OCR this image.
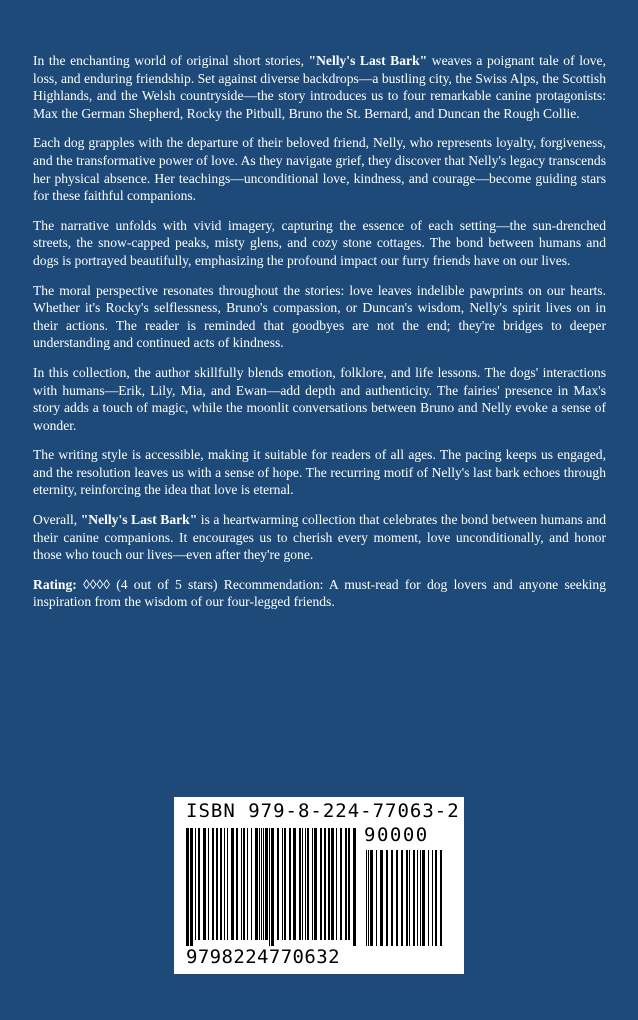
In the enchanting world of original short stories, "Nelly's Last Bark" weaves a poignant tale of love, loss, and enduring friendship. Set against diverse backdrops—a bustling city, the Swiss Alps, the Scottish Highlands, and the Welsh countryside—the story introduces us to four remarkable canine protagonists: Max the German Shepherd, Rocky the Pitbull, Bruno the St. Bernard, and Duncan the Rough Collie.

Each dog grapples with the departure of their beloved friend, Nelly, who represents loyalty, forgiveness, and the transformative power of love. As they navigate grief, they discover that Nelly's legacy transcends her physical absence. Her teachings—unconditional love, kindness, and courage—become guiding stars for these faithful companions.

The narrative unfolds with vivid imagery, capturing the essence of each setting—the sun-drenched streets, the snow-capped peaks, misty glens, and cozy stone cottages. The bond between humans and dogs is portrayed beautifully, emphasizing the profound impact our furry friends have on our lives.

The moral perspective resonates throughout the stories: love leaves indelible pawprints on our hearts. Whether it's Rocky's selflessness, Bruno's compassion, or Duncan's wisdom, Nelly's spirit lives on in their actions. The reader is reminded that goodbyes are not the end; they're bridges to deeper understanding and continued acts of kindness.

In this collection, the author skillfully blends emotion, folklore, and life lessons. The dogs' interactions with humans—Erik, Lily, Mia, and Ewan—add depth and authenticity. The fairies' presence in Max's story adds a touch of magic, while the moonlit conversations between Bruno and Nelly evoke a sense of wonder.

The writing style is accessible, making it suitable for readers of all ages. The pacing keeps us engaged, and the resolution leaves us with a sense of hope. The recurring motif of Nelly's last bark echoes through eternity, reinforcing the idea that love is eternal.

Overall, "Nelly's Last Bark" is a heartwarming collection that celebrates the bond between humans and their canine companions. It encourages us to cherish every moment, love unconditionally, and honor those who touch our lives—even after they're gone.

Rating: ◊◊◊◊ (4 out of 5 stars) Recommendation: A must-read for dog lovers and anyone seeking inspiration from the wisdom of our four-legged friends.

ISBN 979-8-224-77063-2
90000
9798224770632
